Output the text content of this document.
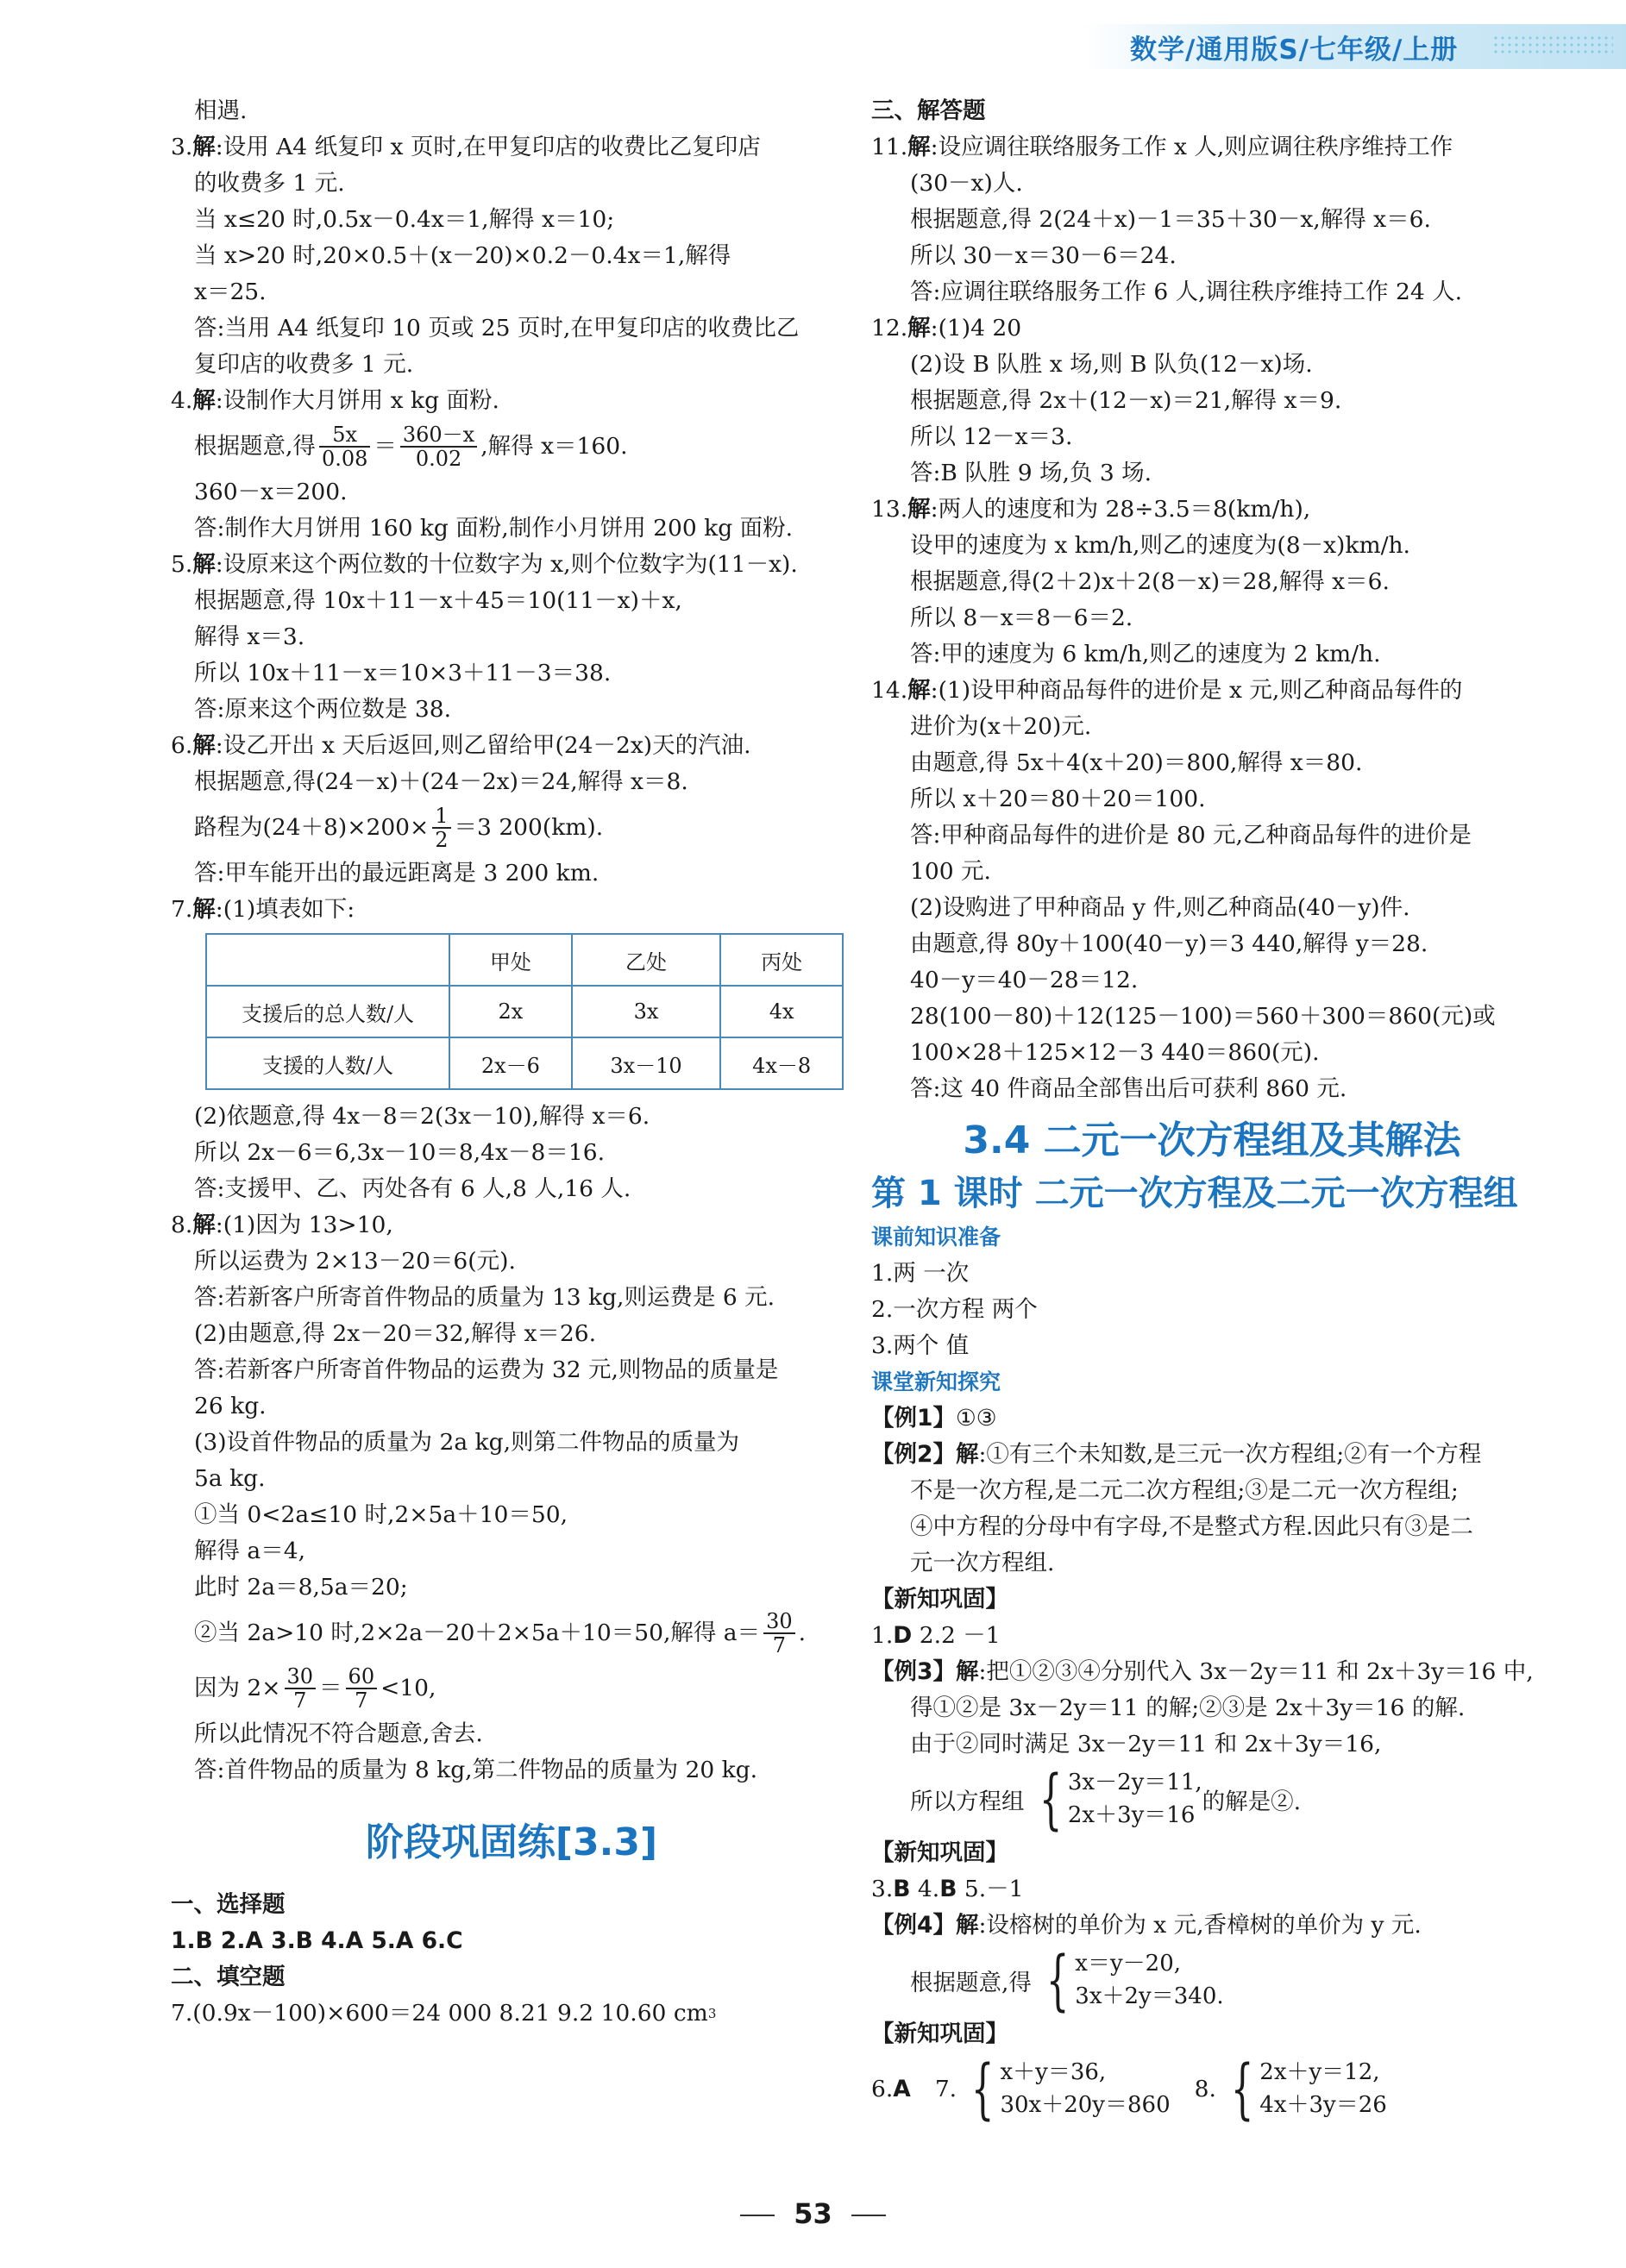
数学/通用版S/七年级/上册
相遇.
3.解:设用 A4 纸复印 x 页时,在甲复印店的收费比乙复印店
的收费多 1 元.
当 x≤20 时,0.5x－0.4x＝1,解得 x＝10;
当 x>20 时,20×0.5＋(x－20)×0.2－0.4x＝1,解得
x＝25.
答:当用 A4 纸复印 10 页或 25 页时,在甲复印店的收费比乙
复印店的收费多 1 元.
4.解:设制作大月饼用 x kg 面粉.
根据题意,得 $\frac{5x}{0.08} = \frac{360-x}{0.02}$ ,解得 x＝160.
360－x＝200.
答:制作大月饼用 160 kg 面粉,制作小月饼用 200 kg 面粉.
5.解:设原来这个两位数的十位数字为 x,则个位数字为(11－x).
根据题意,得 10x＋11－x＋45＝10(11－x)＋x,
解得 x＝3.
所以 10x＋11－x＝10×3＋11－3＝38.
答:原来这个两位数是 38.
6.解:设乙开出 x 天后返回,则乙留给甲(24－2x)天的汽油.
根据题意,得(24－x)＋(24－2x)＝24,解得 x＝8.
路程为$(24+8)\times 200\times \frac{1}{2} =3$ 200(km).
答:甲车能开出的最远距离是 3 200 km.
7.解:(1)填表如下:
	甲处	乙处	丙处
支援后的总人数/人	2x	3x	4x
支援的人数/人	2x－6	3x－10	4x－8
(2)依题意,得 4x－8＝2(3x－10),解得 x＝6.
所以 2x－6＝6,3x－10＝8,4x－8＝16.
答:支援甲、乙、丙处各有 6 人,8 人,16 人.
8.解:(1)因为 13>10,
所以运费为 2×13－20＝6(元).
答:若新客户所寄首件物品的质量为 13 kg,则运费是 6 元.
(2)由题意,得 2x－20＝32,解得 x＝26.
答:若新客户所寄首件物品的运费为 32 元,则物品的质量是
26 kg.
(3)设首件物品的质量为 2a kg,则第二件物品的质量为
5a kg.
①当 0<2a≤10 时,2×5a＋10＝50,
解得 a＝4,
此时 2a＝8,5a＝20;
②当 2a>10 时,2×2a－20＋2×5a＋10＝50,解得 $a= \frac{30}{7}$ .
因为 $2\times \frac{30}{7} = \frac{60}{7} <10$,
所以此情况不符合题意,舍去.
答:首件物品的质量为 8 kg,第二件物品的质量为 20 kg.
阶段巩固练[3.3]
一、选择题
1.B 2.A 3.B 4.A 5.A 6.C
二、填空题
7.(0.9x－100)×600＝24 000 8.21 9.2 10.60 $cm^3$
三、解答题
11.解:设应调往联络服务工作 x 人,则应调往秩序维持工作
(30－x)人.
根据题意,得 2(24＋x)－1＝35＋30－x,解得 x＝6.
所以 30－x＝30－6＝24.
答:应调往联络服务工作 6 人,调往秩序维持工作 24 人.
12.解:(1)4 20
(2)设 B 队胜 x 场,则 B 队负(12－x)场.
根据题意,得 2x＋(12－x)＝21,解得 x＝9.
所以 12－x＝3.
答:B 队胜 9 场,负 3 场.
13.解:两人的速度和为 28÷3.5＝8(km/h),
设甲的速度为 x km/h,则乙的速度为(8－x)km/h.
根据题意,得(2＋2)x＋2(8－x)＝28,解得 x＝6.
所以 8－x＝8－6＝2.
答:甲的速度为 6 km/h,则乙的速度为 2 km/h.
14.解:(1)设甲种商品每件的进价是 x 元,则乙种商品每件的
进价为(x＋20)元.
由题意,得 5x＋4(x＋20)＝800,解得 x＝80.
所以 x＋20＝80＋20＝100.
答:甲种商品每件的进价是 80 元,乙种商品每件的进价是
100 元.
(2)设购进了甲种商品 y 件,则乙种商品(40－y)件.
由题意,得 80y＋100(40－y)＝3 440,解得 y＝28.
40－y＝40－28＝12.
28(100－80)＋12(125－100)＝560＋300＝860(元)或
100×28＋125×12－3 440＝860(元).
答:这 40 件商品全部售出后可获利 860 元.
3.4 二元一次方程组及其解法
第 1 课时 二元一次方程及二元一次方程组
课前知识准备
1.两 一次
2.一次方程 两个
3.两个 值
课堂新知探究
【例1】①③
【例2】解:①有三个未知数,是三元一次方程组;②有一个方程
不是一次方程,是二元二次方程组;③是二元一次方程组;
④中方程的分母中有字母,不是整式方程.因此只有③是二
元一次方程组.
【新知巩固】
1.D 2.2 －1
【例3】解:把①②③④分别代入 3x－2y＝11 和 2x＋3y＝16 中,
得①②是 3x－2y＝11 的解;②③是 2x＋3y＝16 的解.
由于②同时满足 3x－2y＝11 和 2x＋3y＝16,
所以方程组 { 3x－2y＝11,
2x＋3y＝16
的解是②.
【新知巩固】
3.B 4.B 5.－1
【例4】解:设榕树的单价为 x 元,香樟树的单价为 y 元.
根据题意,得 { x＝y－20,
3x＋2y＝340.
【新知巩固】
6. A 7. { x＋y＝36,
30x＋20y＝860
8. { 2x＋y＝12,
4x＋3y＝26
53
